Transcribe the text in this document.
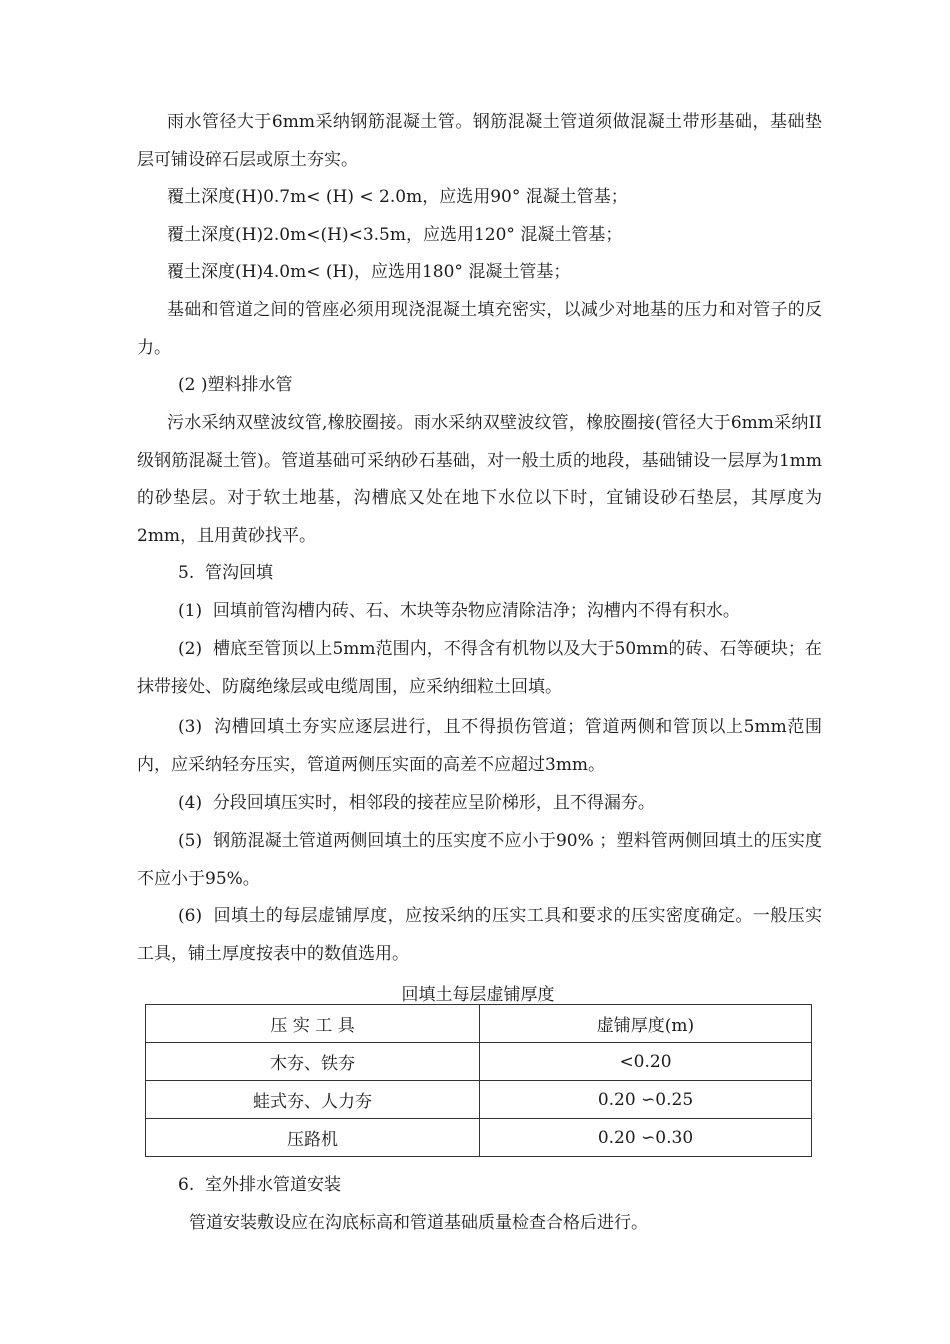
雨水管径大于6mm采纳钢筋混凝土管。钢筋混凝土管道须做混凝土带形基础，基础垫层可铺设碎石层或原土夯实。

覆土深度(H)0.7m< (H) < 2.0m，应选用90° 混凝土管基；

覆土深度(H)2.0m<(H)<3.5m，应选用120° 混凝土管基；

覆土深度(H)4.0m< (H)，应选用180° 混凝土管基；

基础和管道之间的管座必须用现浇混凝土填充密实，以减少对地基的压力和对管子的反力。

(2 )塑料排水管

污水采纳双壁波纹管,橡胶圈接。雨水采纳双壁波纹管，橡胶圈接(管径大于6mm采纳II级钢筋混凝土管)。管道基础可采纳砂石基础，对一般土质的地段，基础铺设一层厚为1mm的砂垫层。对于软土地基，沟槽底又处在地下水位以下时，宜铺设砂石垫层，其厚度为2mm，且用黄砂找平。

5.  管沟回填

(1)  回填前管沟槽内砖、石、木块等杂物应清除洁净；沟槽内不得有积水。

(2)  槽底至管顶以上5mm范围内，不得含有机物以及大于50mm的砖、石等硬块；在抹带接处、防腐绝缘层或电缆周围，应采纳细粒土回填。

(3)  沟槽回填土夯实应逐层进行，且不得损伤管道；管道两侧和管顶以上5mm范围内，应采纳轻夯压实，管道两侧压实面的高差不应超过3mm。

(4)  分段回填压实时，相邻段的接茬应呈阶梯形，且不得漏夯。

(5)  钢筋混凝土管道两侧回填土的压实度不应小于90% ；塑料管两侧回填土的压实度不应小于95%。

(6)  回填土的每层虚铺厚度，应按采纳的压实工具和要求的压实密度确定。一般压实工具，铺土厚度按表中的数值选用。

回填土每层虚铺厚度

压 实 工 具	虚铺厚度(m)
木夯、铁夯	<0.20
蛙式夯、人力夯	0.20 ∽0.25
压路机	0.20 ∽0.30

6.  室外排水管道安装

管道安装敷设应在沟底标高和管道基础质量检查合格后进行。
